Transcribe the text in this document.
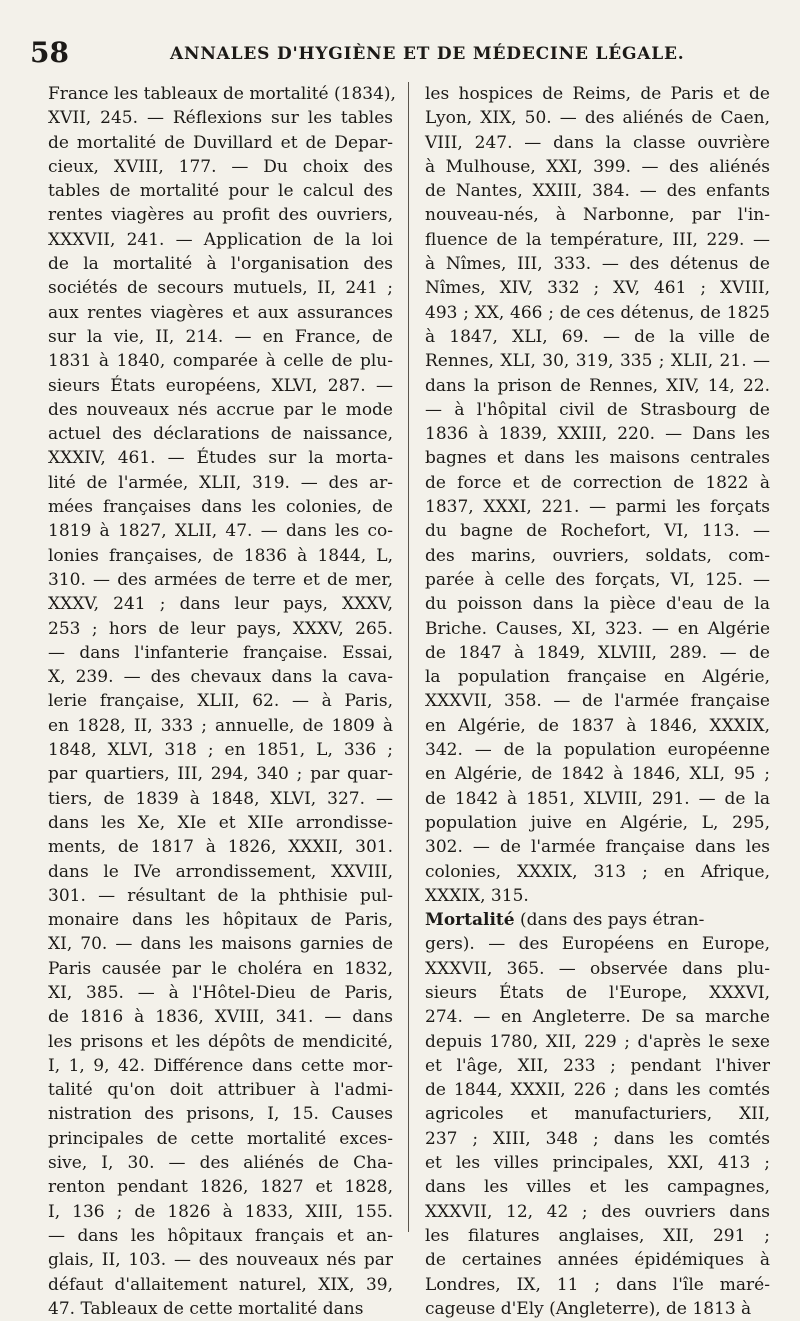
58	ANNALES D'HYGIÈNE ET DE MÉDECINE LÉGALE.
France les tableaux de mortalité (1834),
XVII, 245. — Réflexions sur les tables
de mortalité de Duvillard et de Depar-
cieux, XVIII, 177. — Du choix des
tables de mortalité pour le calcul des
rentes viagères au profit des ouvriers,
XXXVII, 241. — Application de la loi
de la mortalité à l'organisation des
sociétés de secours mutuels, II, 241 ;
aux rentes viagères et aux assurances
sur la vie, II, 214. — en France, de
1831 à 1840, comparée à celle de plu-
sieurs États européens, XLVI, 287. —
des nouveaux nés accrue par le mode
actuel des déclarations de naissance,
XXXIV, 461. — Études sur la morta-
lité de l'armée, XLII, 319. — des ar-
mées françaises dans les colonies, de
1819 à 1827, XLII, 47. — dans les co-
lonies françaises, de 1836 à 1844, L,
310. — des armées de terre et de mer,
XXXV, 241 ; dans leur pays, XXXV,
253 ; hors de leur pays, XXXV, 265.
— dans l'infanterie française. Essai,
X, 239. — des chevaux dans la cava-
lerie française, XLII, 62. — à Paris,
en 1828, II, 333 ; annuelle, de 1809 à
1848, XLVI, 318 ; en 1851, L, 336 ;
par quartiers, III, 294, 340 ; par quar-
tiers, de 1839 à 1848, XLVI, 327. —
dans les Xe, XIe et XIIe arrondisse-
ments, de 1817 à 1826, XXXII, 301.
dans le IVe arrondissement, XXVIII,
301. — résultant de la phthisie pul-
monaire dans les hôpitaux de Paris,
XI, 70. — dans les maisons garnies de
Paris causée par le choléra en 1832,
XI, 385. — à l'Hôtel-Dieu de Paris,
de 1816 à 1836, XVIII, 341. — dans
les prisons et les dépôts de mendicité,
I, 1, 9, 42. Différence dans cette mor-
talité qu'on doit attribuer à l'admi-
nistration des prisons, I, 15. Causes
principales de cette mortalité exces-
sive, I, 30. — des aliénés de Cha-
renton pendant 1826, 1827 et 1828,
I, 136 ; de 1826 à 1833, XIII, 155.
— dans les hôpitaux français et an-
glais, II, 103. — des nouveaux nés par
défaut d'allaitement naturel, XIX, 39,
47. Tableaux de cette mortalité dans
les hospices de Reims, de Paris et de
Lyon, XIX, 50. — des aliénés de Caen,
VIII, 247. — dans la classe ouvrière
à Mulhouse, XXI, 399. — des aliénés
de Nantes, XXIII, 384. — des enfants
nouveau-nés, à Narbonne, par l'in-
fluence de la température, III, 229. —
à Nîmes, III, 333. — des détenus de
Nîmes, XIV, 332 ; XV, 461 ; XVIII,
493 ; XX, 466 ; de ces détenus, de 1825
à 1847, XLI, 69. — de la ville de
Rennes, XLI, 30, 319, 335 ; XLII, 21. —
dans la prison de Rennes, XIV, 14, 22.
— à l'hôpital civil de Strasbourg de
1836 à 1839, XXIII, 220. — Dans les
bagnes et dans les maisons centrales
de force et de correction de 1822 à
1837, XXXI, 221. — parmi les forçats
du bagne de Rochefort, VI, 113. —
des marins, ouvriers, soldats, com-
parée à celle des forçats, VI, 125. —
du poisson dans la pièce d'eau de la
Briche. Causes, XI, 323. — en Algérie
de 1847 à 1849, XLVIII, 289. — de
la population française en Algérie,
XXXVII, 358. — de l'armée française
en Algérie, de 1837 à 1846, XXXIX,
342. — de la population européenne
en Algérie, de 1842 à 1846, XLI, 95 ;
de 1842 à 1851, XLVIII, 291. — de la
population juive en Algérie, L, 295,
302. — de l'armée française dans les
colonies, XXXIX, 313 ; en Afrique,
XXXIX, 315.
Mortalité (dans des pays étran-
gers). — des Européens en Europe,
XXXVII, 365. — observée dans plu-
sieurs États de l'Europe, XXXVI,
274. — en Angleterre. De sa marche
depuis 1780, XII, 229 ; d'après le sexe
et l'âge, XII, 233 ; pendant l'hiver
de 1844, XXXII, 226 ; dans les comtés
agricoles et manufacturiers, XII,
237 ; XIII, 348 ; dans les comtés
et les villes principales, XXI, 413 ;
dans les villes et les campagnes,
XXXVII, 12, 42 ; des ouvriers dans
les filatures anglaises, XII, 291 ;
de certaines années épidémiques à
Londres, IX, 11 ; dans l'île maré-
cageuse d'Ely (Angleterre), de 1813 à
